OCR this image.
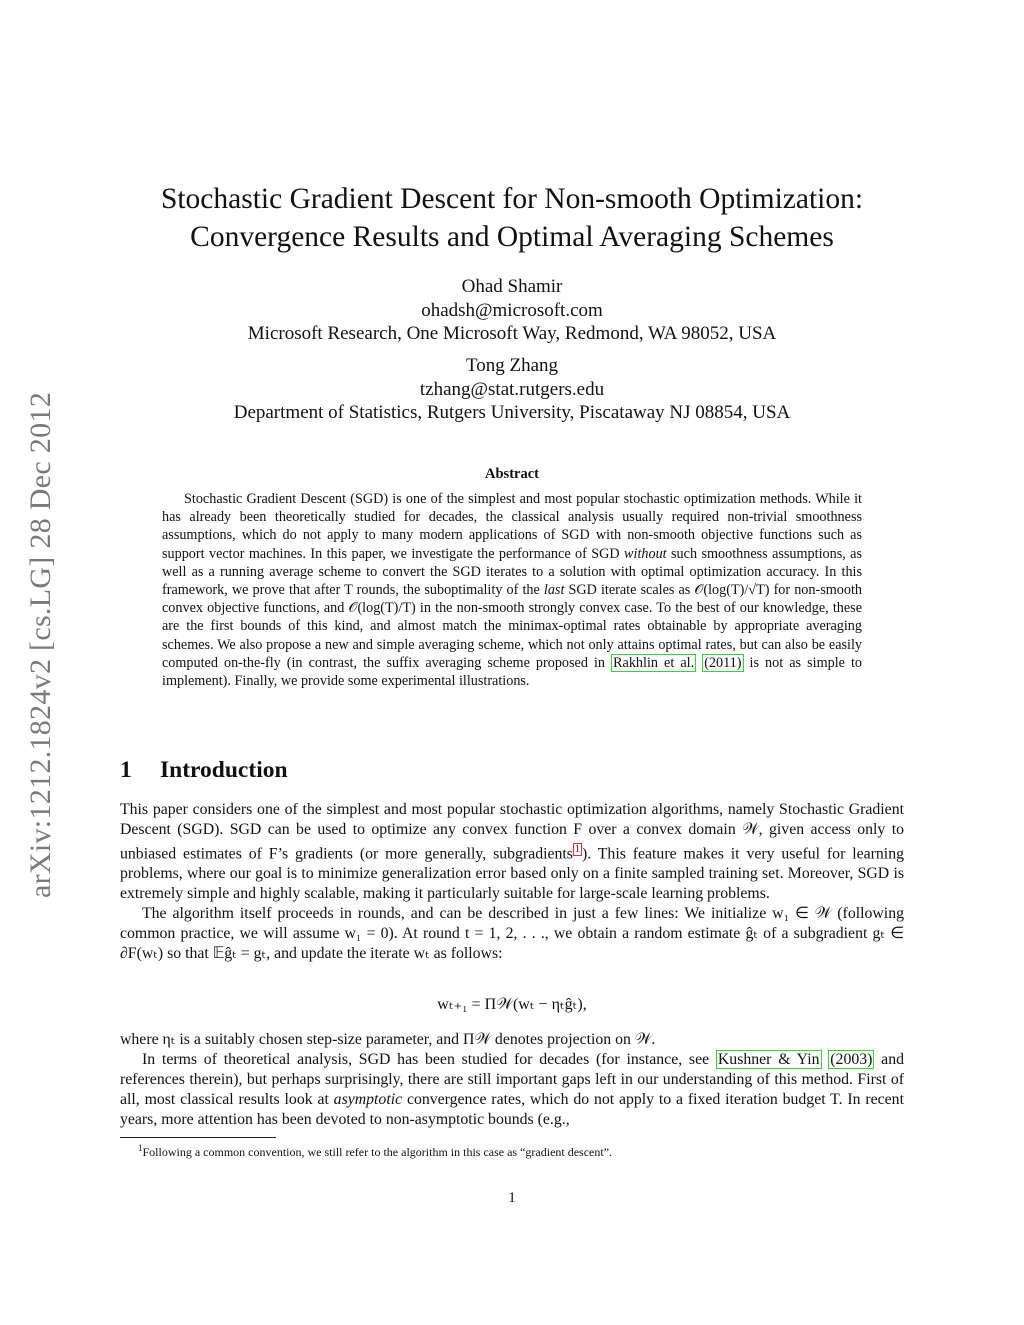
arXiv:1212.1824v2 [cs.LG] 28 Dec 2012
Stochastic Gradient Descent for Non-smooth Optimization:
Convergence Results and Optimal Averaging Schemes
Ohad Shamir
ohadsh@microsoft.com
Microsoft Research, One Microsoft Way, Redmond, WA 98052, USA
Tong Zhang
tzhang@stat.rutgers.edu
Department of Statistics, Rutgers University, Piscataway NJ 08854, USA
Abstract
Stochastic Gradient Descent (SGD) is one of the simplest and most popular stochastic optimization methods. While it has already been theoretically studied for decades, the classical analysis usually required non-trivial smoothness assumptions, which do not apply to many modern applications of SGD with non-smooth objective functions such as support vector machines. In this paper, we investigate the performance of SGD without such smoothness assumptions, as well as a running average scheme to convert the SGD iterates to a solution with optimal optimization accuracy. In this framework, we prove that after T rounds, the suboptimality of the last SGD iterate scales as 𝒪(log(T)/√T) for non-smooth convex objective functions, and 𝒪(log(T)/T) in the non-smooth strongly convex case. To the best of our knowledge, these are the first bounds of this kind, and almost match the minimax-optimal rates obtainable by appropriate averaging schemes. We also propose a new and simple averaging scheme, which not only attains optimal rates, but can also be easily computed on-the-fly (in contrast, the suffix averaging scheme proposed in Rakhlin et al. (2011) is not as simple to implement). Finally, we provide some experimental illustrations.
1 Introduction

This paper considers one of the simplest and most popular stochastic optimization algorithms, namely Stochastic Gradient Descent (SGD). SGD can be used to optimize any convex function F over a convex domain 𝒲, given access only to unbiased estimates of F’s gradients (or more generally, subgradients $^1$ ). This feature makes it very useful for learning problems, where our goal is to minimize generalization error based only on a finite sampled training set. Moreover, SGD is extremely simple and highly scalable, making it particularly suitable for large-scale learning problems.

The algorithm itself proceeds in rounds, and can be described in just a few lines: We initialize w₁ ∈ 𝒲 (following common practice, we will assume w₁ = 0). At round t = 1, 2, . . ., we obtain a random estimate ĝₜ of a subgradient gₜ ∈ ∂F(wₜ) so that 𝔼ĝₜ = gₜ, and update the iterate wₜ as follows:

wₜ₊₁ = Π𝒲(wₜ − ηₜĝₜ),

where ηₜ is a suitably chosen step-size parameter, and Π𝒲 denotes projection on 𝒲.

In terms of theoretical analysis, SGD has been studied for decades (for instance, see Kushner & Yin (2003) and references therein), but perhaps surprisingly, there are still important gaps left in our understanding of this method. First of all, most classical results look at asymptotic convergence rates, which do not apply to a fixed iteration budget T. In recent years, more attention has been devoted to non-asymptotic bounds (e.g.,

$^1$Following a common convention, we still refer to the algorithm in this case as “gradient descent”.
1
